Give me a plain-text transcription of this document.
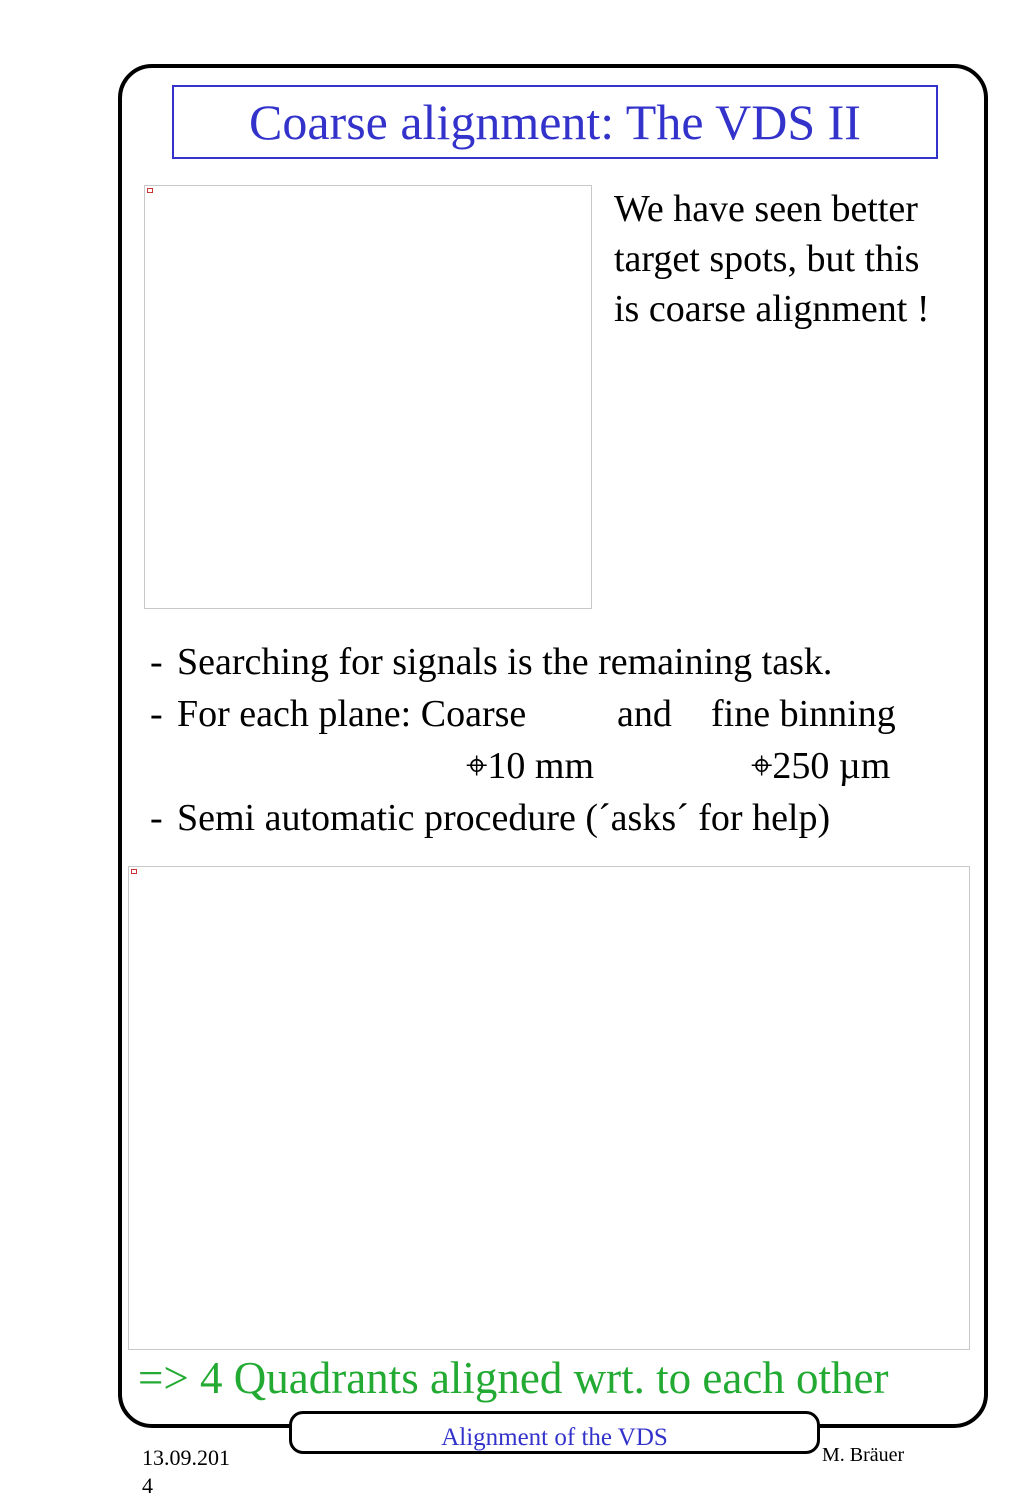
Coarse alignment: The VDS II
We have seen better
target spots, but this
is coarse alignment !
- Searching for signals is the remaining task.
- For each plane: Coarse and fine binning
⌖10 mm	⌖250 µm
- Semi automatic procedure (´asks´ for help)
=> 4 Quadrants aligned wrt. to each other
Alignment of the VDS
13.09.201
4
M. Bräuer
